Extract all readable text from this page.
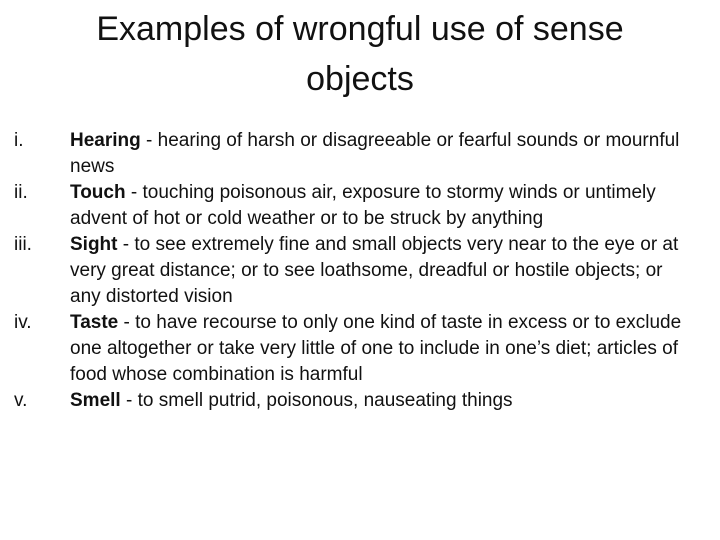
Examples of wrongful use of sense
objects
i.	Hearing - hearing of harsh or disagreeable or fearful sounds or mournful news
ii.	Touch - touching poisonous air, exposure to stormy winds or untimely advent of hot or cold weather or to be struck by anything
iii.	Sight - to see extremely fine and small objects very near to the eye or at very great distance; or to see loathsome, dreadful or hostile objects; or any distorted vision
iv.	Taste - to have recourse to only one kind of taste in excess or to exclude one altogether or take very little of one to include in one’s diet; articles of food whose combination is harmful
v.	Smell - to smell putrid, poisonous, nauseating things
